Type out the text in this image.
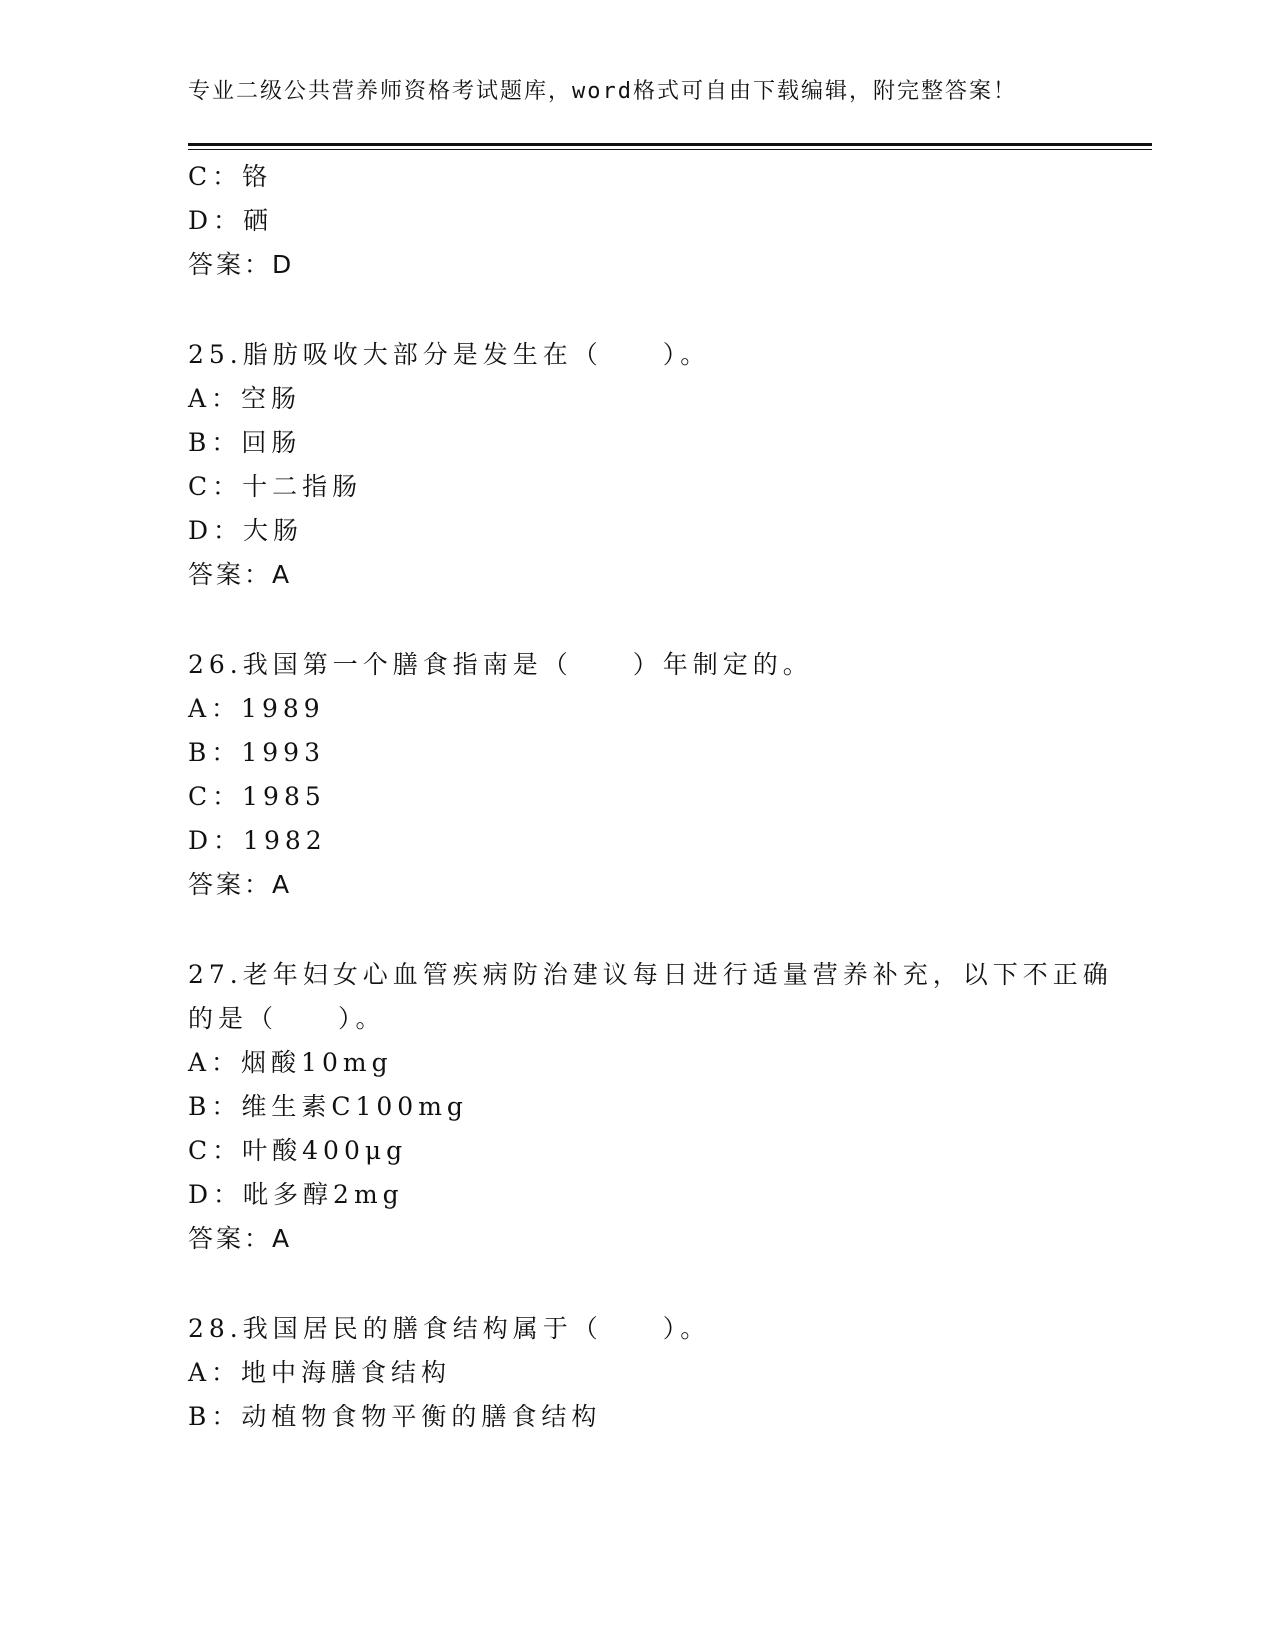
专业二级公共营养师资格考试题库，word格式可自由下载编辑，附完整答案！
C：铬
D：硒
答案：D
25.脂肪吸收大部分是发生在（　　）。
A：空肠
B：回肠
C：十二指肠
D：大肠
答案：A
26.我国第一个膳食指南是（　　）年制定的。
A：1989
B：1993
C：1985
D：1982
答案：A
27.老年妇女心血管疾病防治建议每日进行适量营养补充，以下不正确
的是（　　）。
A：烟酸10mg
B：维生素C100mg
C：叶酸400μg
D：吡多醇2mg
答案：A
28.我国居民的膳食结构属于（　　）。
A：地中海膳食结构
B：动植物食物平衡的膳食结构
